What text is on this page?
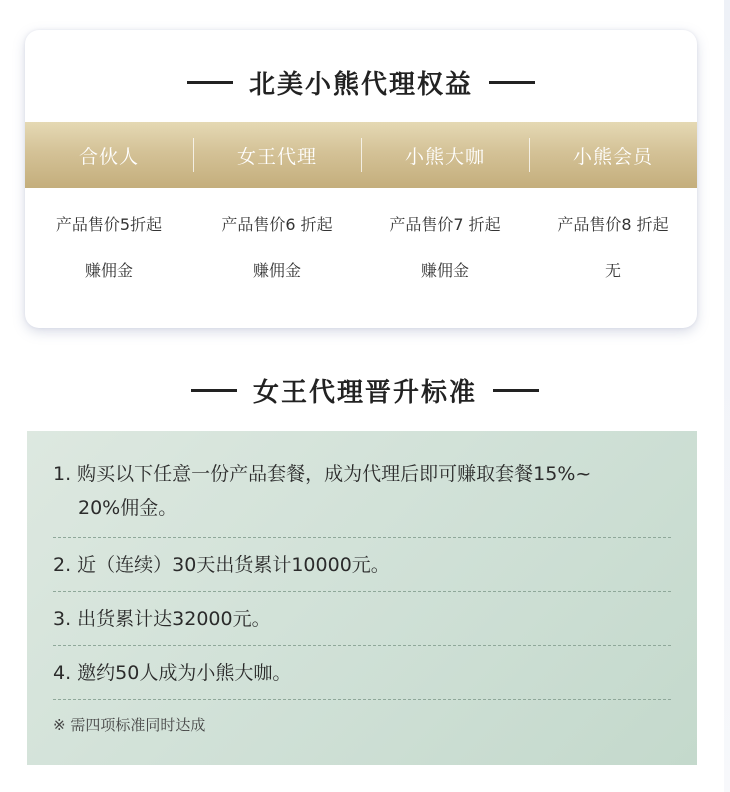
北美小熊代理权益
合伙人	女王代理	小熊大咖	小熊会员
产品售价5折起	产品售价6 折起	产品售价7 折起	产品售价8 折起
赚佣金	赚佣金	赚佣金	无
女王代理晋升标准
1. 购买以下任意一份产品套餐，成为代理后即可赚取套餐15%~
20%佣金。
2. 近（连续）30天出货累计10000元。
3. 出货累计达32000元。
4. 邀约50人成为小熊大咖。
※ 需四项标准同时达成
